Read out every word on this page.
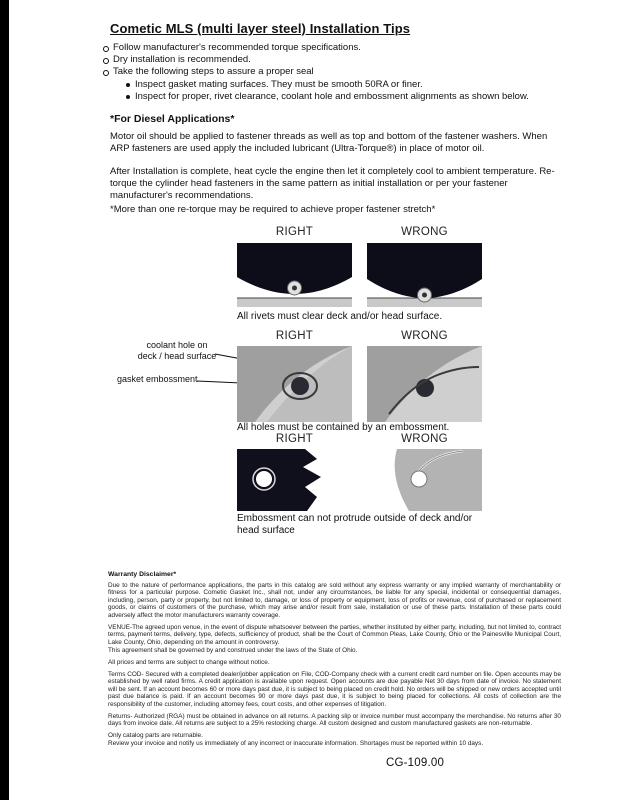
Cometic MLS (multi layer steel) Installation Tips
Follow manufacturer's recommended torque specifications.
Dry installation is recommended.
Take the following steps to assure a proper seal
Inspect gasket mating surfaces. They must be smooth 50RA or finer.
Inspect for proper, rivet clearance, coolant hole and embossment alignments as shown below.
*For Diesel Applications*

Motor oil should be applied to fastener threads as well as top and bottom of the fastener washers. When ARP fasteners are used apply the included lubricant (Ultra-Torque®) in place of motor oil.

After Installation is complete, heat cycle the engine then let it completely cool to ambient temperature. Re-torque the cylinder head fasteners in the same pattern as initial installation or per your fastener manufacturer's recommendations.

*More than one re-torque may be required to achieve proper fastener stretch*

RIGHT	WRONG
All rivets must clear deck and/or head surface.
RIGHT	WRONG
coolant hole on deck / head surface
gasket embossment
All holes must be contained by an embossment.
RIGHT	WRONG
Embossment can not protrude outside of deck and/or head surface
Warranty Disclaimer*

Due to the nature of performance applications, the parts in this catalog are sold without any express warranty or any implied warranty of merchantability or fitness for a particular purpose. Cometic Gasket Inc., shall not, under any circumstances, be liable for any special, incidental or consequential damages, including, person, party or property, but not limited to, damage, or loss of property or equipment, loss of profits or revenue, cost of purchased or replacement goods, or claims of customers of the purchase, which may arise and/or result from sale, installation or use of these parts. Installation of these parts could adversely affect the motor manufacturers warranty coverage.

VENUE-The agreed upon venue, in the event of dispute whatsoever between the parties, whether instituted by either party, including, but not limited to, contract terms, payment terms, delivery, type, defects, sufficiency of product, shall be the Court of Common Pleas, Lake County, Ohio or the Painesville Municipal Court, Lake County, Ohio, depending on the amount in controversy.

This agreement shall be governed by and construed under the laws of the State of Ohio.

All prices and terms are subject to change without notice.

Terms COD- Secured with a completed dealer/jobber application on File, COD-Company check with a current credit card number on file. Open accounts may be established by well rated firms. A credit application is available upon request. Open accounts are due payable Net 30 days from date of invoice. No statement will be sent. If an account becomes 60 or more days past due, it is subject to being placed on credit hold. No orders will be shipped or new orders accepted until past due balance is paid. If an account becomes 90 or more days past due, it is subject to being placed for collections. All costs of collection are the responsibility of the customer, including attorney fees, court costs, and other expenses of litigation.

Returns- Authorized (RGA) must be obtained in advance on all returns. A packing slip or invoice number must accompany the merchandise. No returns after 30 days from invoice date. All returns are subject to a 25% restocking charge. All custom designed and custom manufactured gaskets are non-returnable.

Only catalog parts are returnable.

Review your invoice and notify us immediately of any incorrect or inaccurate information. Shortages must be reported within 10 days.

CG-109.00
